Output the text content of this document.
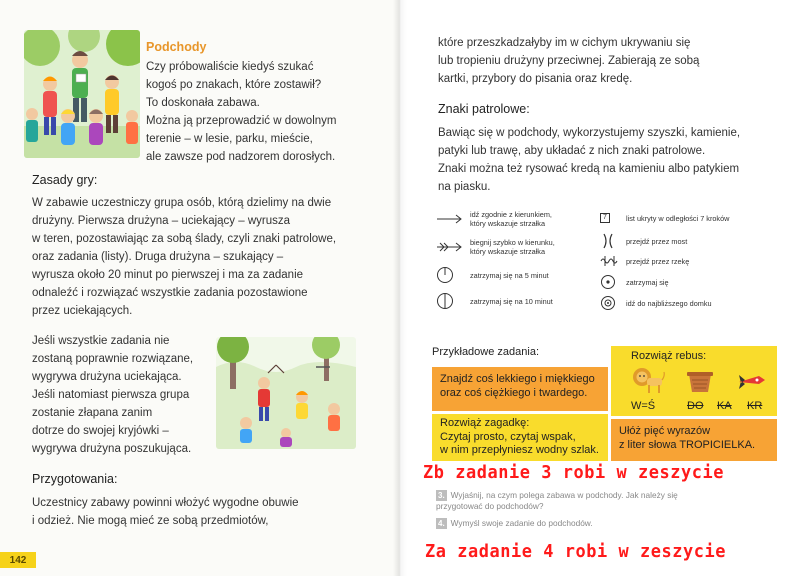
Podchody
Czy próbowaliście kiedyś szukać
kogoś po znakach, które zostawił?
To doskonała zabawa.
Można ją przeprowadzić w dowolnym
terenie – w lesie, parku, mieście,
ale zawsze pod nadzorem dorosłych.
Zasady gry:
W zabawie uczestniczy grupa osób, którą dzielimy na dwie
drużyny. Pierwsza drużyna – uciekający – wyrusza
w teren, pozostawiając za sobą ślady, czyli znaki patrolowe,
oraz zadania (listy). Druga drużyna – szukający –
wyrusza około 20 minut po pierwszej i ma za zadanie
odnaleźć i rozwiązać wszystkie zadania pozostawione
przez uciekających.
Jeśli wszystkie zadania nie
zostaną poprawnie rozwiązane,
wygrywa drużyna uciekająca.
Jeśli natomiast pierwsza grupa
zostanie złapana zanim
dotrze do swojej kryjówki –
wygrywa drużyna poszukująca.
Przygotowania:
Uczestnicy zabawy powinni włożyć wygodne obuwie
i odzież. Nie mogą mieć ze sobą przedmiotów,
142
które przeszkadzałyby im w cichym ukrywaniu się
lub tropieniu drużyny przeciwnej. Zabierają ze sobą
kartki, przybory do pisania oraz kredę.
Znaki patrolowe:
Bawiąc się w podchody, wykorzystujemy szyszki, kamienie,
patyki lub trawę, aby układać z nich znaki patrolowe.
Znaki można też rysować kredą na kamieniu albo patykiem
na piasku.
idź zgodnie z kierunkiem,
który wskazuje strzałka
biegnij szybko w kierunku,
który wskazuje strzałka
zatrzymaj się na 5 minut
zatrzymaj się na 10 minut
7	list ukryty w odległości 7 kroków
przejdź przez most
przejdź przez rzekę
zatrzymaj się
idź do najbliższego domku
Przykładowe zadania:
Znajdź coś lekkiego i miękkiego
oraz coś ciężkiego i twardego.
Rozwiąż zagadkę:
Czytaj prosto, czytaj wspak,
w nim przepłyniesz wodny szlak.
Rozwiąż rebus:
W=Ś	DO KA KR
Ułóż pięć wyrazów
z liter słowa TROPICIELKA.
3. Wyjaśnij, na czym polega zabawa w podchody. Jak należy się
przygotować do podchodów?
4. Wymyśl swoje zadanie do podchodów.
Zb zadanie 3 robi w zeszycie
Za zadanie 4 robi w zeszycie
